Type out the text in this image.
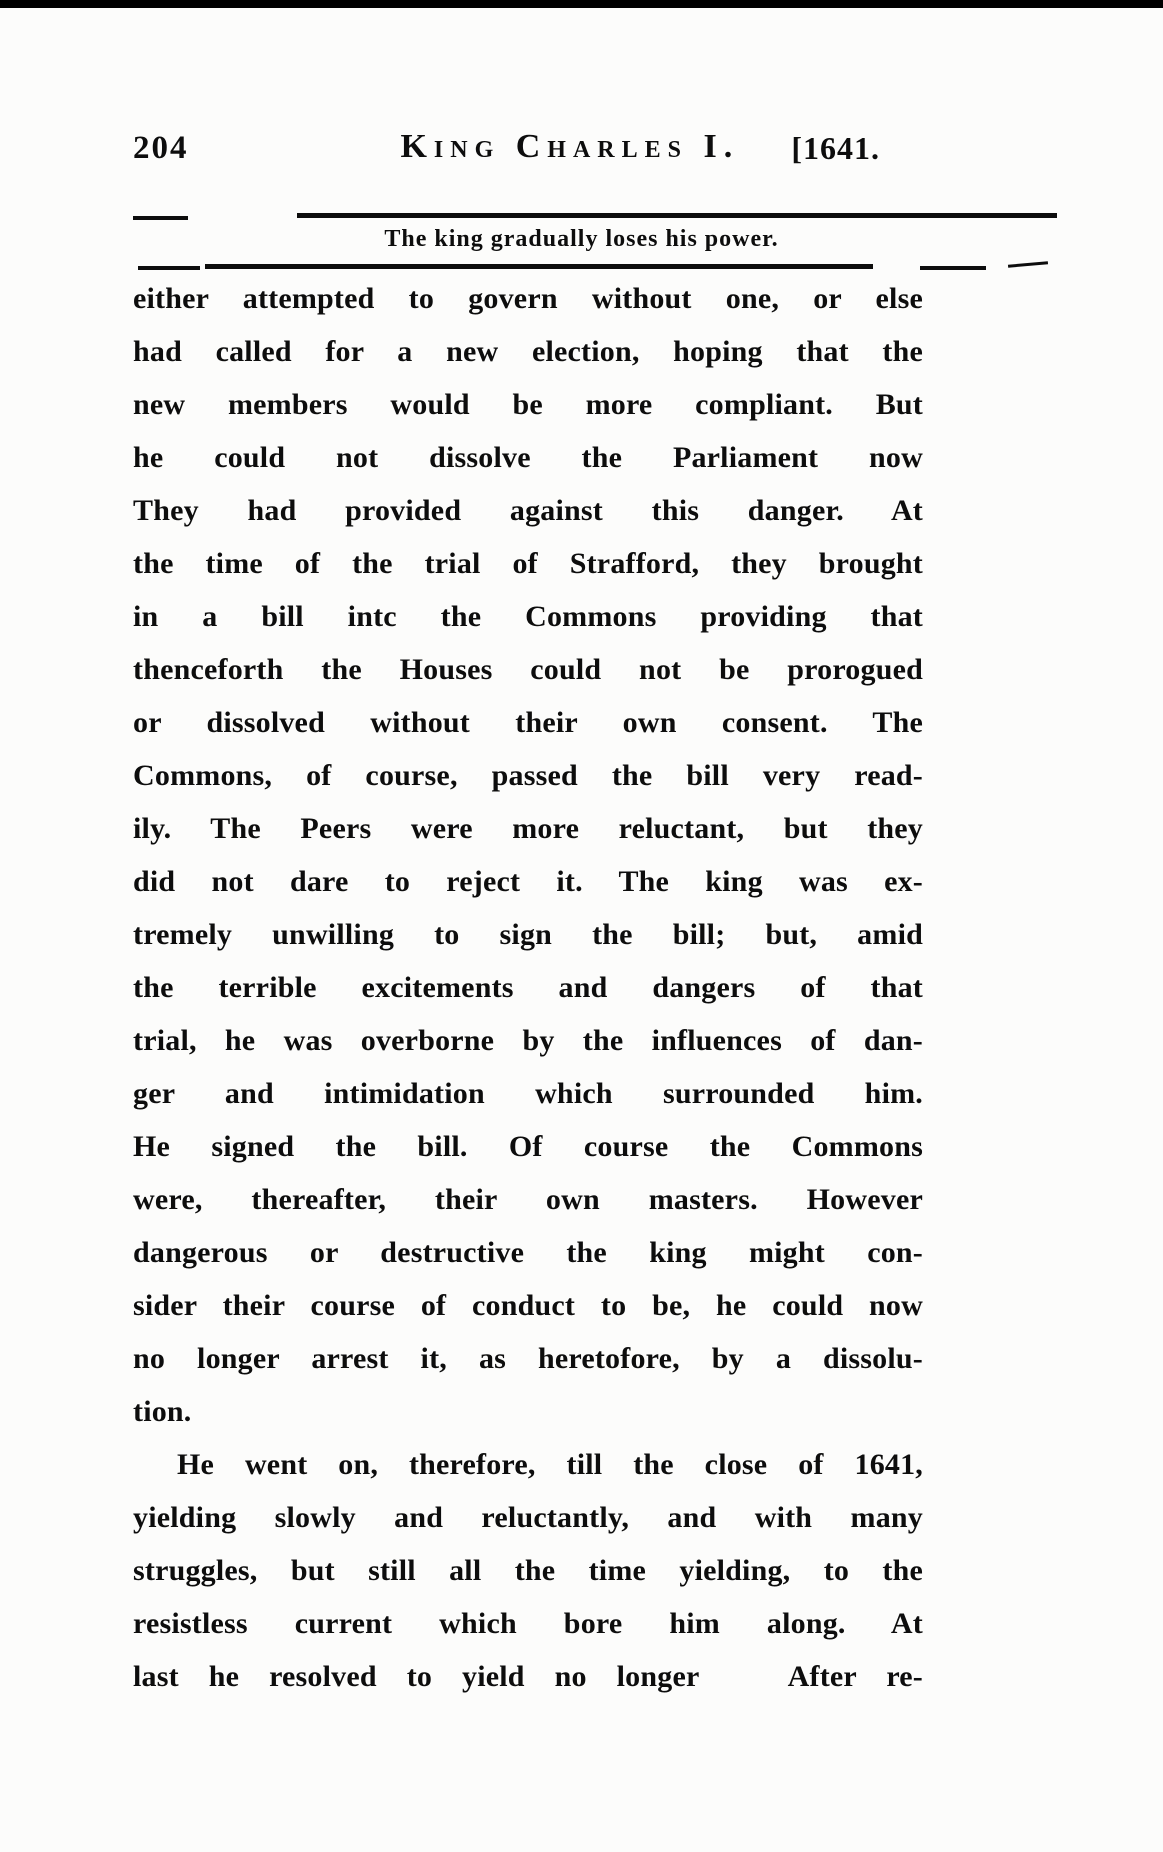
204	King Charles I. [1641.
The king gradually loses his power.
either attempted to govern without one, or else
had called for a new election, hoping that the
new members would be more compliant. But
he could not dissolve the Parliament now
They had provided against this danger. At
the time of the trial of Strafford, they brought
in a bill intc the Commons providing that
thenceforth the Houses could not be prorogued
or dissolved without their own consent. The
Commons, of course, passed the bill very read-
ily. The Peers were more reluctant, but they
did not dare to reject it. The king was ex-
tremely unwilling to sign the bill; but, amid
the terrible excitements and dangers of that
trial, he was overborne by the influences of dan-
ger and intimidation which surrounded him.
He signed the bill. Of course the Commons
were, thereafter, their own masters. However
dangerous or destructive the king might con-
sider their course of conduct to be, he could now
no longer arrest it, as heretofore, by a dissolu-
tion.
He went on, therefore, till the close of 1641,
yielding slowly and reluctantly, and with many
struggles, but still all the time yielding, to the
resistless current which bore him along. At
last he resolved to yield no longer   After re-
